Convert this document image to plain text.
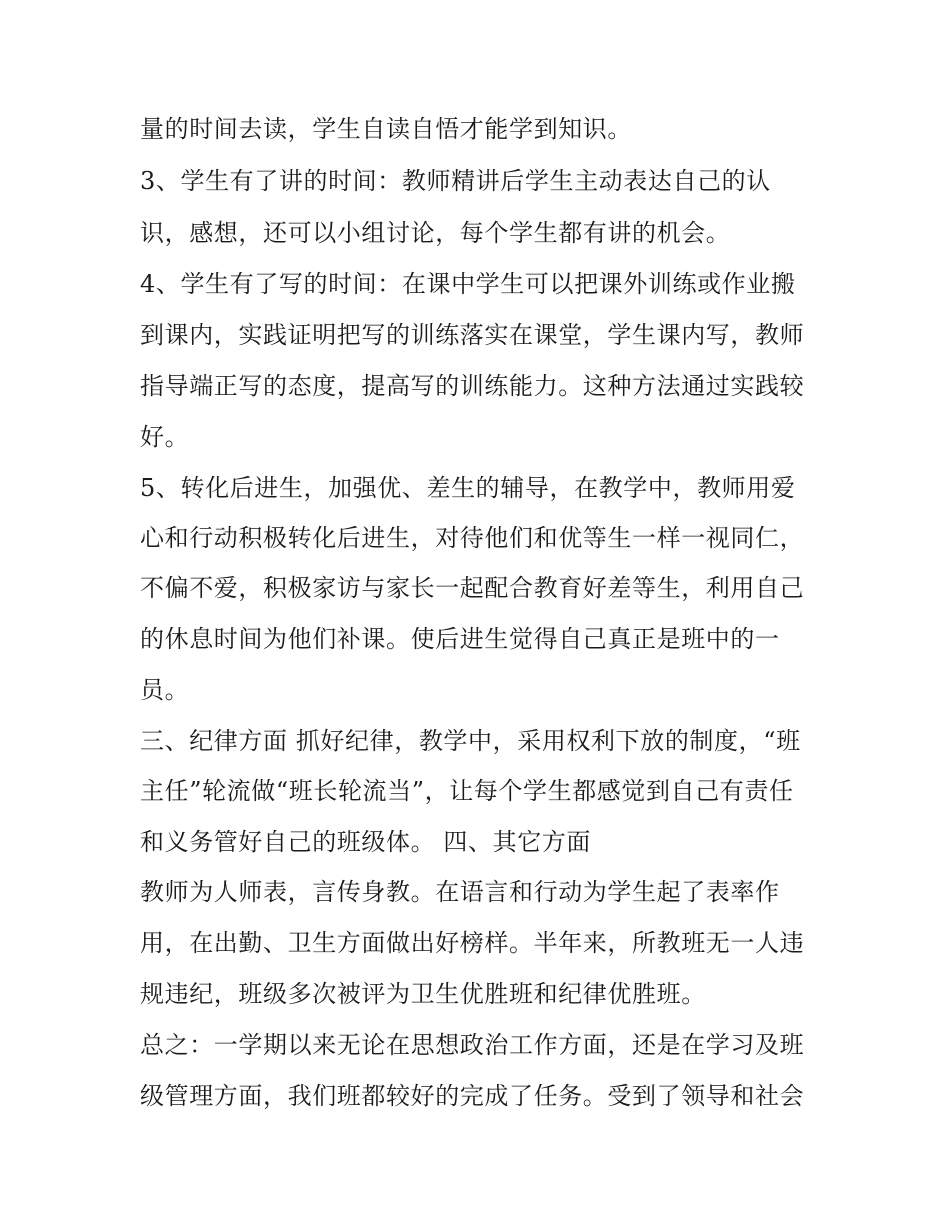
量的时间去读，学生自读自悟才能学到知识。
3、学生有了讲的时间：教师精讲后学生主动表达自己的认
识，感想，还可以小组讨论，每个学生都有讲的机会。
4、学生有了写的时间：在课中学生可以把课外训练或作业搬
到课内，实践证明把写的训练落实在课堂，学生课内写，教师
指导端正写的态度，提高写的训练能力。这种方法通过实践较
好。
5、转化后进生，加强优、差生的辅导，在教学中，教师用爱
心和行动积极转化后进生，对待他们和优等生一样一视同仁，
不偏不爱，积极家访与家长一起配合教育好差等生，利用自己
的休息时间为他们补课。使后进生觉得自己真正是班中的一
员。
三、纪律方面 抓好纪律，教学中，采用权利下放的制度，“班
主任”轮流做“班长轮流当”，让每个学生都感觉到自己有责任
和义务管好自己的班级体。 四、其它方面
教师为人师表，言传身教。在语言和行动为学生起了表率作
用，在出勤、卫生方面做出好榜样。半年来，所教班无一人违
规违纪，班级多次被评为卫生优胜班和纪律优胜班。
总之：一学期以来无论在思想政治工作方面，还是在学习及班
级管理方面，我们班都较好的完成了任务。受到了领导和社会
